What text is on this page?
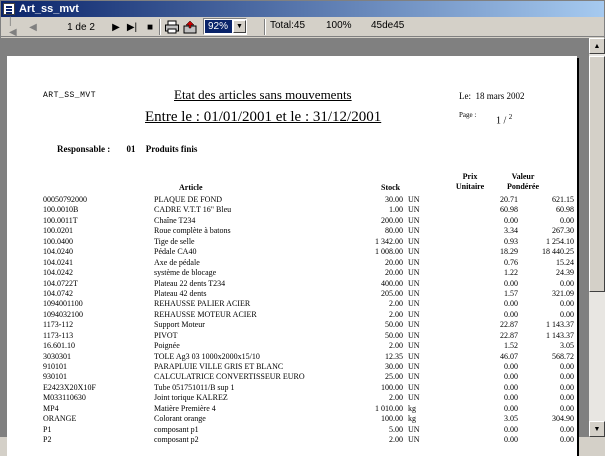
Art_ss_mvt
|◀ ◀	1 de 2	▶ ▶| ■	92%	▼	Total:45 100% 45de45
ART_SS_MVT	Etat des articles sans mouvements
Entre le : 01/01/2001 et le : 31/12/2001
Le: 18 mars 2002
Page :
1 / $^2$
Responsable : 01 Produits finis
Article	Stock
Prix
Unitaire
Valeur
Pondérée
00050792000	PLAQUE DE FOND	30.00 UN	20.71	621.15
100.0010B	CADRE V.T.T 16" Bleu	1.00 UN	60.98	60.98
100.0011T	Chaîne T234	200.00 UN	0.00	0.00
100.0201	Roue complète à batons	80.00 UN	3.34	267.30
100.0400	Tige de selle	1 342.00 UN	0.93	1 254.10
104.0240	Pédale CA40	1 008.00 UN	18.29	18 440.25
104.0241	Axe de pédale	20.00 UN	0.76	15.24
104.0242	système de blocage	20.00 UN	1.22	24.39
104.0722T	Plateau 22 dents T234	400.00 UN	0.00	0.00
104.0742	Plateau 42 dents	205.00 UN	1.57	321.09
1094001100	REHAUSSE PALIER ACIER	2.00 UN	0.00	0.00
1094032100	REHAUSSE MOTEUR ACIER	2.00 UN	0.00	0.00
1173-112	Support Moteur	50.00 UN	22.87	1 143.37
1173-113	PIVOT	50.00 UN	22.87	1 143.37
16.601.10	Poignée	2.00 UN	1.52	3.05
3030301	TOLE Ag3 03 1000x2000x15/10	12.35 UN	46.07	568.72
910101	PARAPLUIE VILLE GRIS ET BLANC	30.00 UN	0.00	0.00
930101	CALCULATRICE CONVERTISSEUR EURO	25.00 UN	0.00	0.00
E2423X20X10F	Tube 051751011/B sup 1	100.00 UN	0.00	0.00
M033110630	Joint torique KALREZ	2.00 UN	0.00	0.00
MP4	Matière Première 4	1 010.00 kg	0.00	0.00
ORANGE	Colorant orange	100.00 kg	3.05	304.90
P1	composant p1	5.00 UN	0.00	0.00
P2	composant p2	2.00 UN	0.00	0.00
▲
▼
